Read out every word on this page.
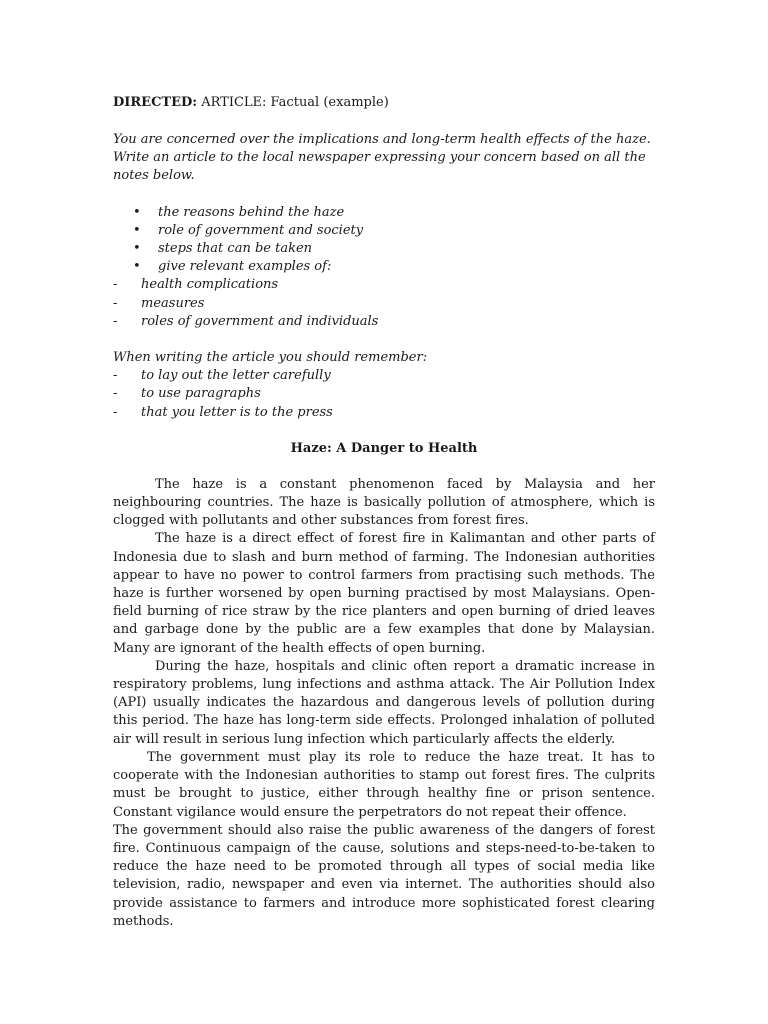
DIRECTED: ARTICLE: Factual (example)

You are concerned over the implications and long-term health effects of the haze. Write an article to the local newspaper expressing your concern based on all the notes below.

• the reasons behind the haze
• role of government and society
• steps that can be taken
• give relevant examples of:
- health complications
- measures
- roles of government and individuals

When writing the article you should remember:

- to lay out the letter carefully
- to use paragraphs
- that you letter is to the press

Haze: A Danger to Health

The haze is a constant phenomenon faced by Malaysia and her neighbouring countries. The haze is basically pollution of atmosphere, which is clogged with pollutants and other substances from forest fires.

The haze is a direct effect of forest fire in Kalimantan and other parts of Indonesia due to slash and burn method of farming. The Indonesian authorities appear to have no power to control farmers from practising such methods. The haze is further worsened by open burning practised by most Malaysians. Open-field burning of rice straw by the rice planters and open burning of dried leaves and garbage done by the public are a few examples that done by Malaysian. Many are ignorant of the health effects of open burning.

During the haze, hospitals and clinic often report a dramatic increase in respiratory problems, lung infections and asthma attack. The Air Pollution Index (API) usually indicates the hazardous and dangerous levels of pollution during this period. The haze has long-term side effects. Prolonged inhalation of polluted air will result in serious lung infection which particularly affects the elderly.

The government must play its role to reduce the haze treat. It has to cooperate with the Indonesian authorities to stamp out forest fires. The culprits must be brought to justice, either through healthy fine or prison sentence. Constant vigilance would ensure the perpetrators do not repeat their offence.

The government should also raise the public awareness of the dangers of forest fire. Continuous campaign of the cause, solutions and steps-need-to-be-taken to reduce the haze need to be promoted through all types of social media like television, radio, newspaper and even via internet. The authorities should also provide assistance to farmers and introduce more sophisticated forest clearing methods.
